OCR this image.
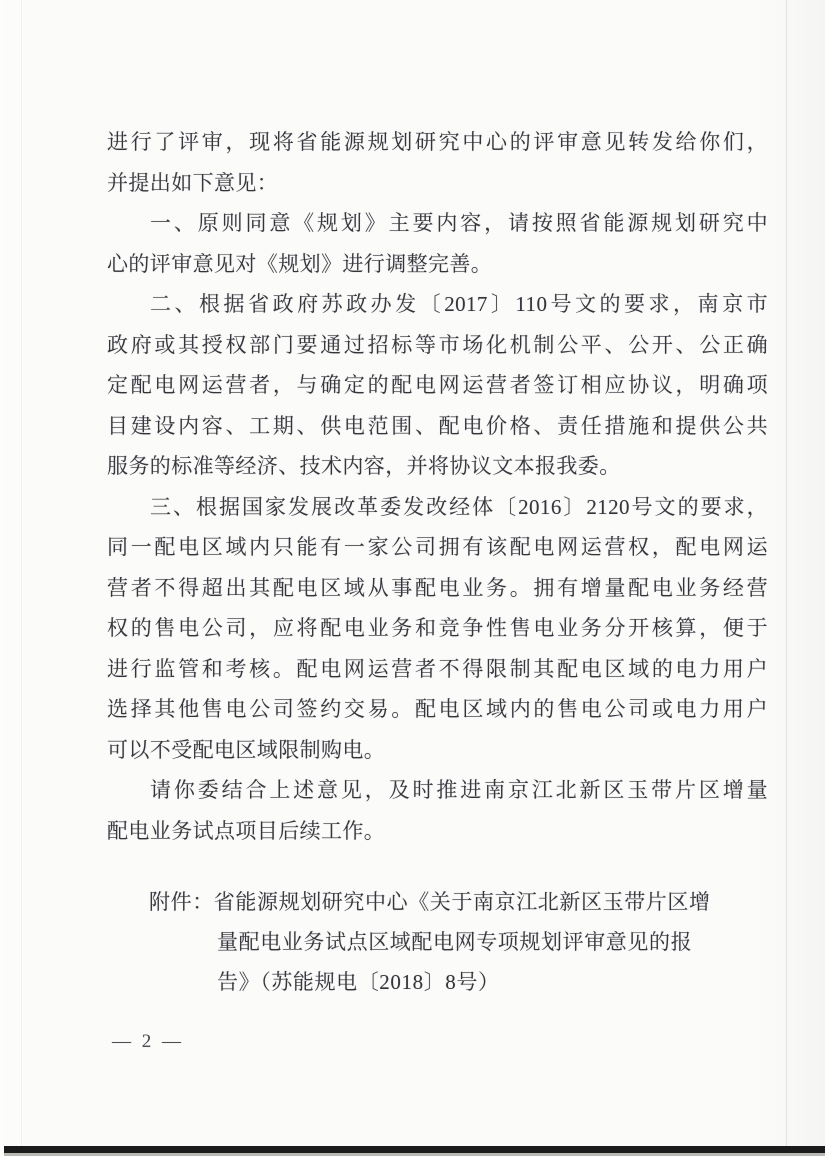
进行了评审，现将省能源规划研究中心的评审意见转发给你们，
并提出如下意见：
一、原则同意《规划》主要内容，请按照省能源规划研究中
心的评审意见对《规划》进行调整完善。
二、根据省政府苏政办发〔2017〕110号文的要求，南京市
政府或其授权部门要通过招标等市场化机制公平、公开、公正确
定配电网运营者，与确定的配电网运营者签订相应协议，明确项
目建设内容、工期、供电范围、配电价格、责任措施和提供公共
服务的标准等经济、技术内容，并将协议文本报我委。
三、根据国家发展改革委发改经体〔2016〕2120号文的要求，
同一配电区域内只能有一家公司拥有该配电网运营权，配电网运
营者不得超出其配电区域从事配电业务。拥有增量配电业务经营
权的售电公司，应将配电业务和竞争性售电业务分开核算，便于
进行监管和考核。配电网运营者不得限制其配电区域的电力用户
选择其他售电公司签约交易。配电区域内的售电公司或电力用户
可以不受配电区域限制购电。
请你委结合上述意见，及时推进南京江北新区玉带片区增量
配电业务试点项目后续工作。
附件：省能源规划研究中心《关于南京江北新区玉带片区增
量配电业务试点区域配电网专项规划评审意见的报
告》（苏能规电〔2018〕8号）
— 2 —
